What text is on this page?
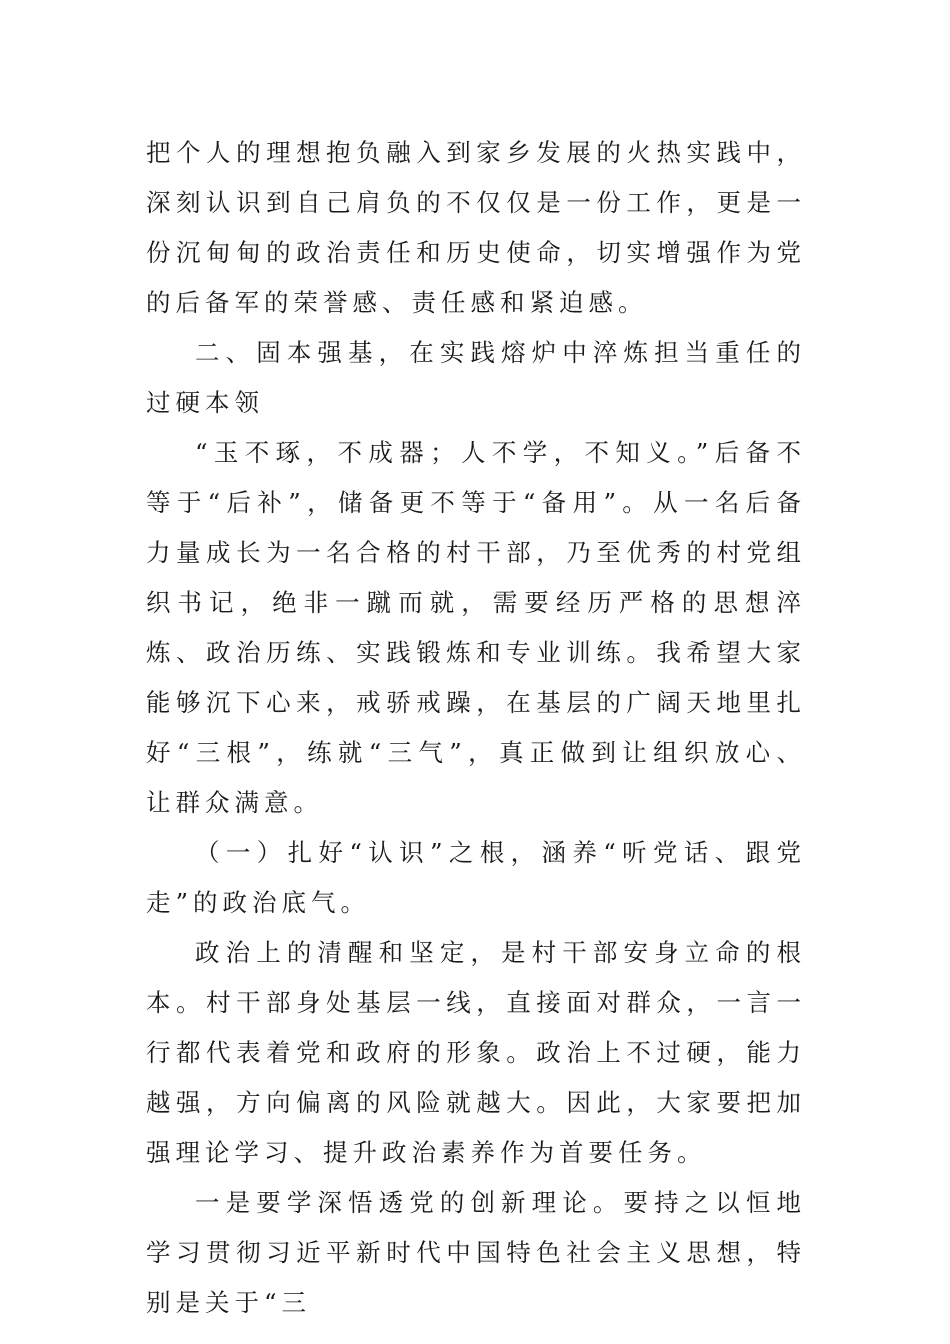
把个人的理想抱负融入到家乡发展的火热实践中，深刻认识到自己肩负的不仅仅是一份工作，更是一份沉甸甸的政治责任和历史使命，切实增强作为党的后备军的荣誉感、责任感和紧迫感。

二、固本强基，在实践熔炉中淬炼担当重任的过硬本领

“玉不琢，不成器；人不学，不知义。”后备不等于“后补”，储备更不等于“备用”。从一名后备力量成长为一名合格的村干部，乃至优秀的村党组织书记，绝非一蹴而就，需要经历严格的思想淬炼、政治历练、实践锻炼和专业训练。我希望大家能够沉下心来，戒骄戒躁，在基层的广阔天地里扎好“三根”，练就“三气”，真正做到让组织放心、让群众满意。

（一）扎好“认识”之根，涵养“听党话、跟党走”的政治底气。

政治上的清醒和坚定，是村干部安身立命的根本。村干部身处基层一线，直接面对群众，一言一行都代表着党和政府的形象。政治上不过硬，能力越强，方向偏离的风险就越大。因此，大家要把加强理论学习、提升政治素养作为首要任务。

一是要学深悟透党的创新理论。要持之以恒地学习贯彻习近平新时代中国特色社会主义思想，特别是关于“三
